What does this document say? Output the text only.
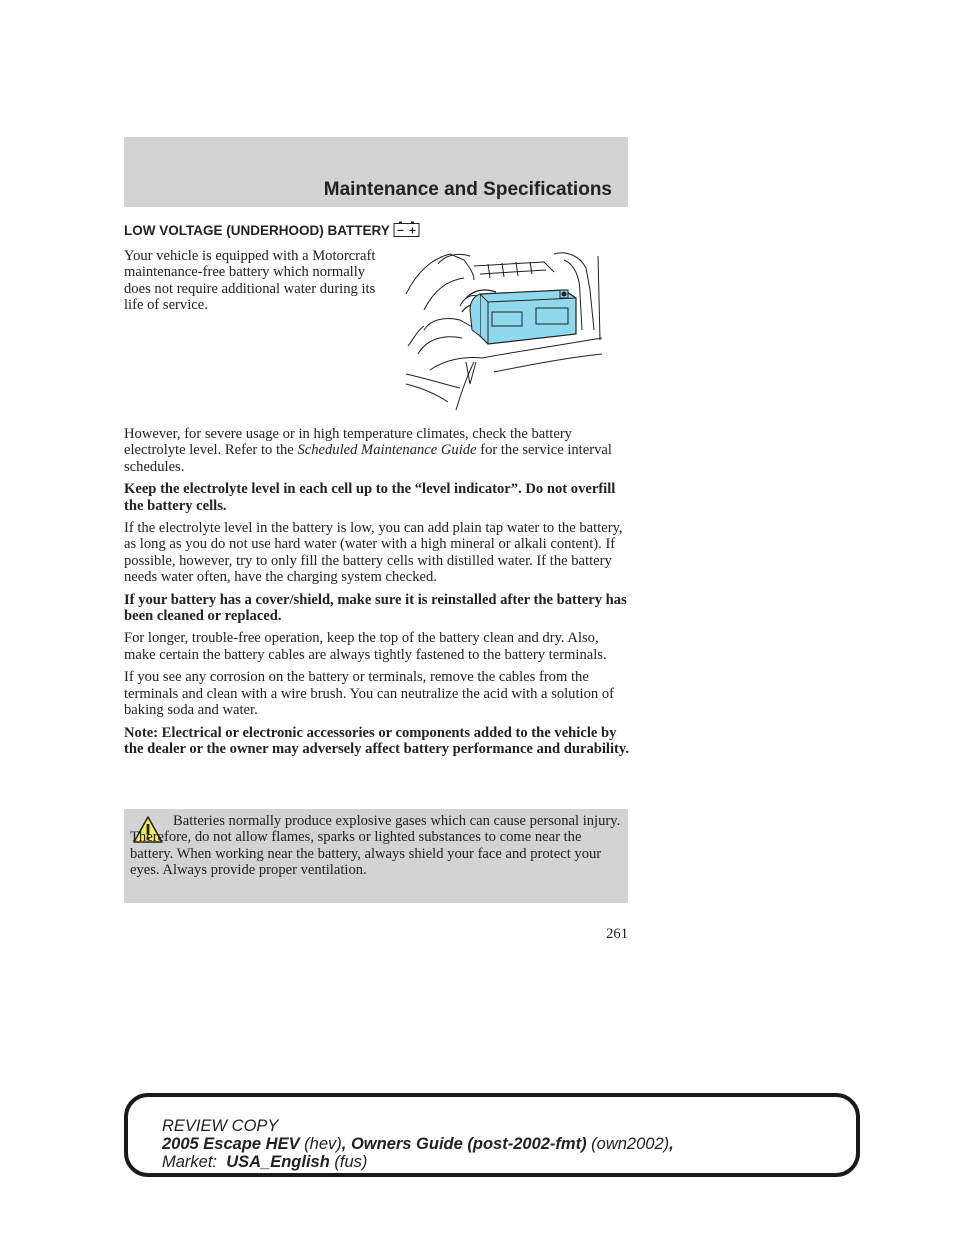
Maintenance and Specifications
LOW VOLTAGE (UNDERHOOD) BATTERY − +
Your vehicle is equipped with a Motorcraft maintenance-free battery which normally does not require additional water during its life of service.

However, for severe usage or in high temperature climates, check the battery electrolyte level. Refer to the Scheduled Maintenance Guide for the service interval schedules.

Keep the electrolyte level in each cell up to the “level indicator”. Do not overfill the battery cells.

If the electrolyte level in the battery is low, you can add plain tap water to the battery, as long as you do not use hard water (water with a high mineral or alkali content). If possible, however, try to only fill the battery cells with distilled water. If the battery needs water often, have the charging system checked.

If your battery has a cover/shield, make sure it is reinstalled after the battery has been cleaned or replaced.

For longer, trouble-free operation, keep the top of the battery clean and dry. Also, make certain the battery cables are always tightly fastened to the battery terminals.

If you see any corrosion on the battery or terminals, remove the cables from the terminals and clean with a wire brush. You can neutralize the acid with a solution of baking soda and water.

Note: Electrical or electronic accessories or components added to the vehicle by the dealer or the owner may adversely affect battery performance and durability.

Batteries normally produce explosive gases which can cause personal injury. Therefore, do not allow flames, sparks or lighted substances to come near the battery. When working near the battery, always shield your face and protect your eyes. Always provide proper ventilation.
261
REVIEW COPY
2005 Escape HEV (hev), Owners Guide (post-2002-fmt) (own2002),
Market:  USA_English (fus)
